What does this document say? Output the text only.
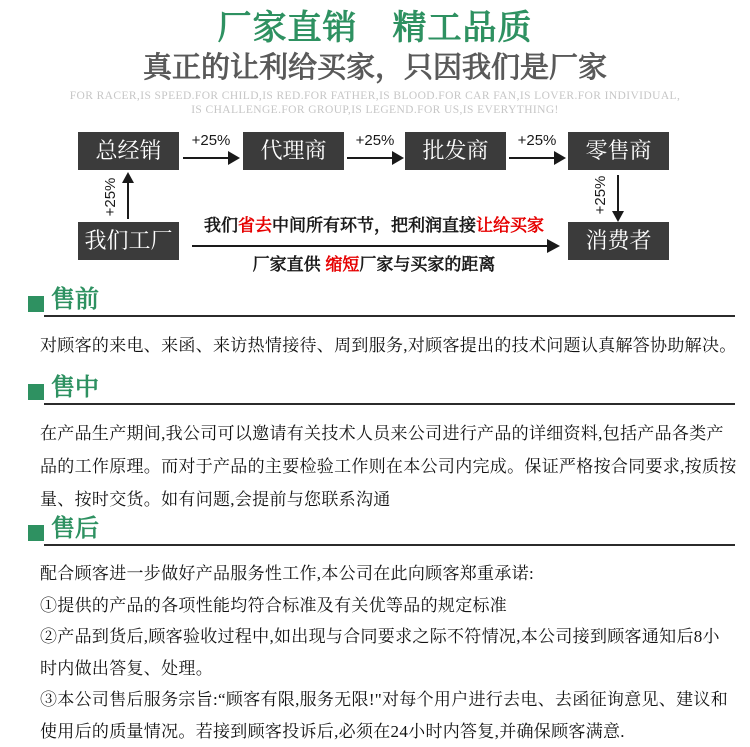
厂家直销　精工品质
真正的让利给买家，只因我们是厂家
FOR RACER,IS SPEED.FOR CHILD,IS RED.FOR FATHER,IS BLOOD.FOR CAR FAN,IS LOVER.FOR INDIVIDUAL,
IS CHALLENGE.FOR GROUP,IS LEGEND.FOR US,IS EVERYTHING!
总经销	代理商	批发商	零售商
我们工厂	消费者
+25%	+25%	+25%
+25%	+25%
我们省去中间所有环节，把利润直接让给买家
厂家直供 缩短厂家与买家的距离
售前

对顾客的来电、来函、来访热情接待、周到服务,对顾客提出的技术问题认真解答协助解决。

售中

在产品生产期间,我公司可以邀请有关技术人员来公司进行产品的详细资料,包括产品各类产品的工作原理。而对于产品的主要检验工作则在本公司内完成。保证严格按合同要求,按质按量、按时交货。如有问题,会提前与您联系沟通

售后

配合顾客进一步做好产品服务性工作,本公司在此向顾客郑重承诺:

①提供的产品的各项性能均符合标准及有关优等品的规定标准

②产品到货后,顾客验收过程中,如出现与合同要求之际不符情况,本公司接到顾客通知后8小时内做出答复、处理。

③本公司售后服务宗旨:“顾客有限,服务无限!"对每个用户进行去电、去函征询意见、建议和使用后的质量情况。若接到顾客投诉后,必须在24小时内答复,并确保顾客满意.
